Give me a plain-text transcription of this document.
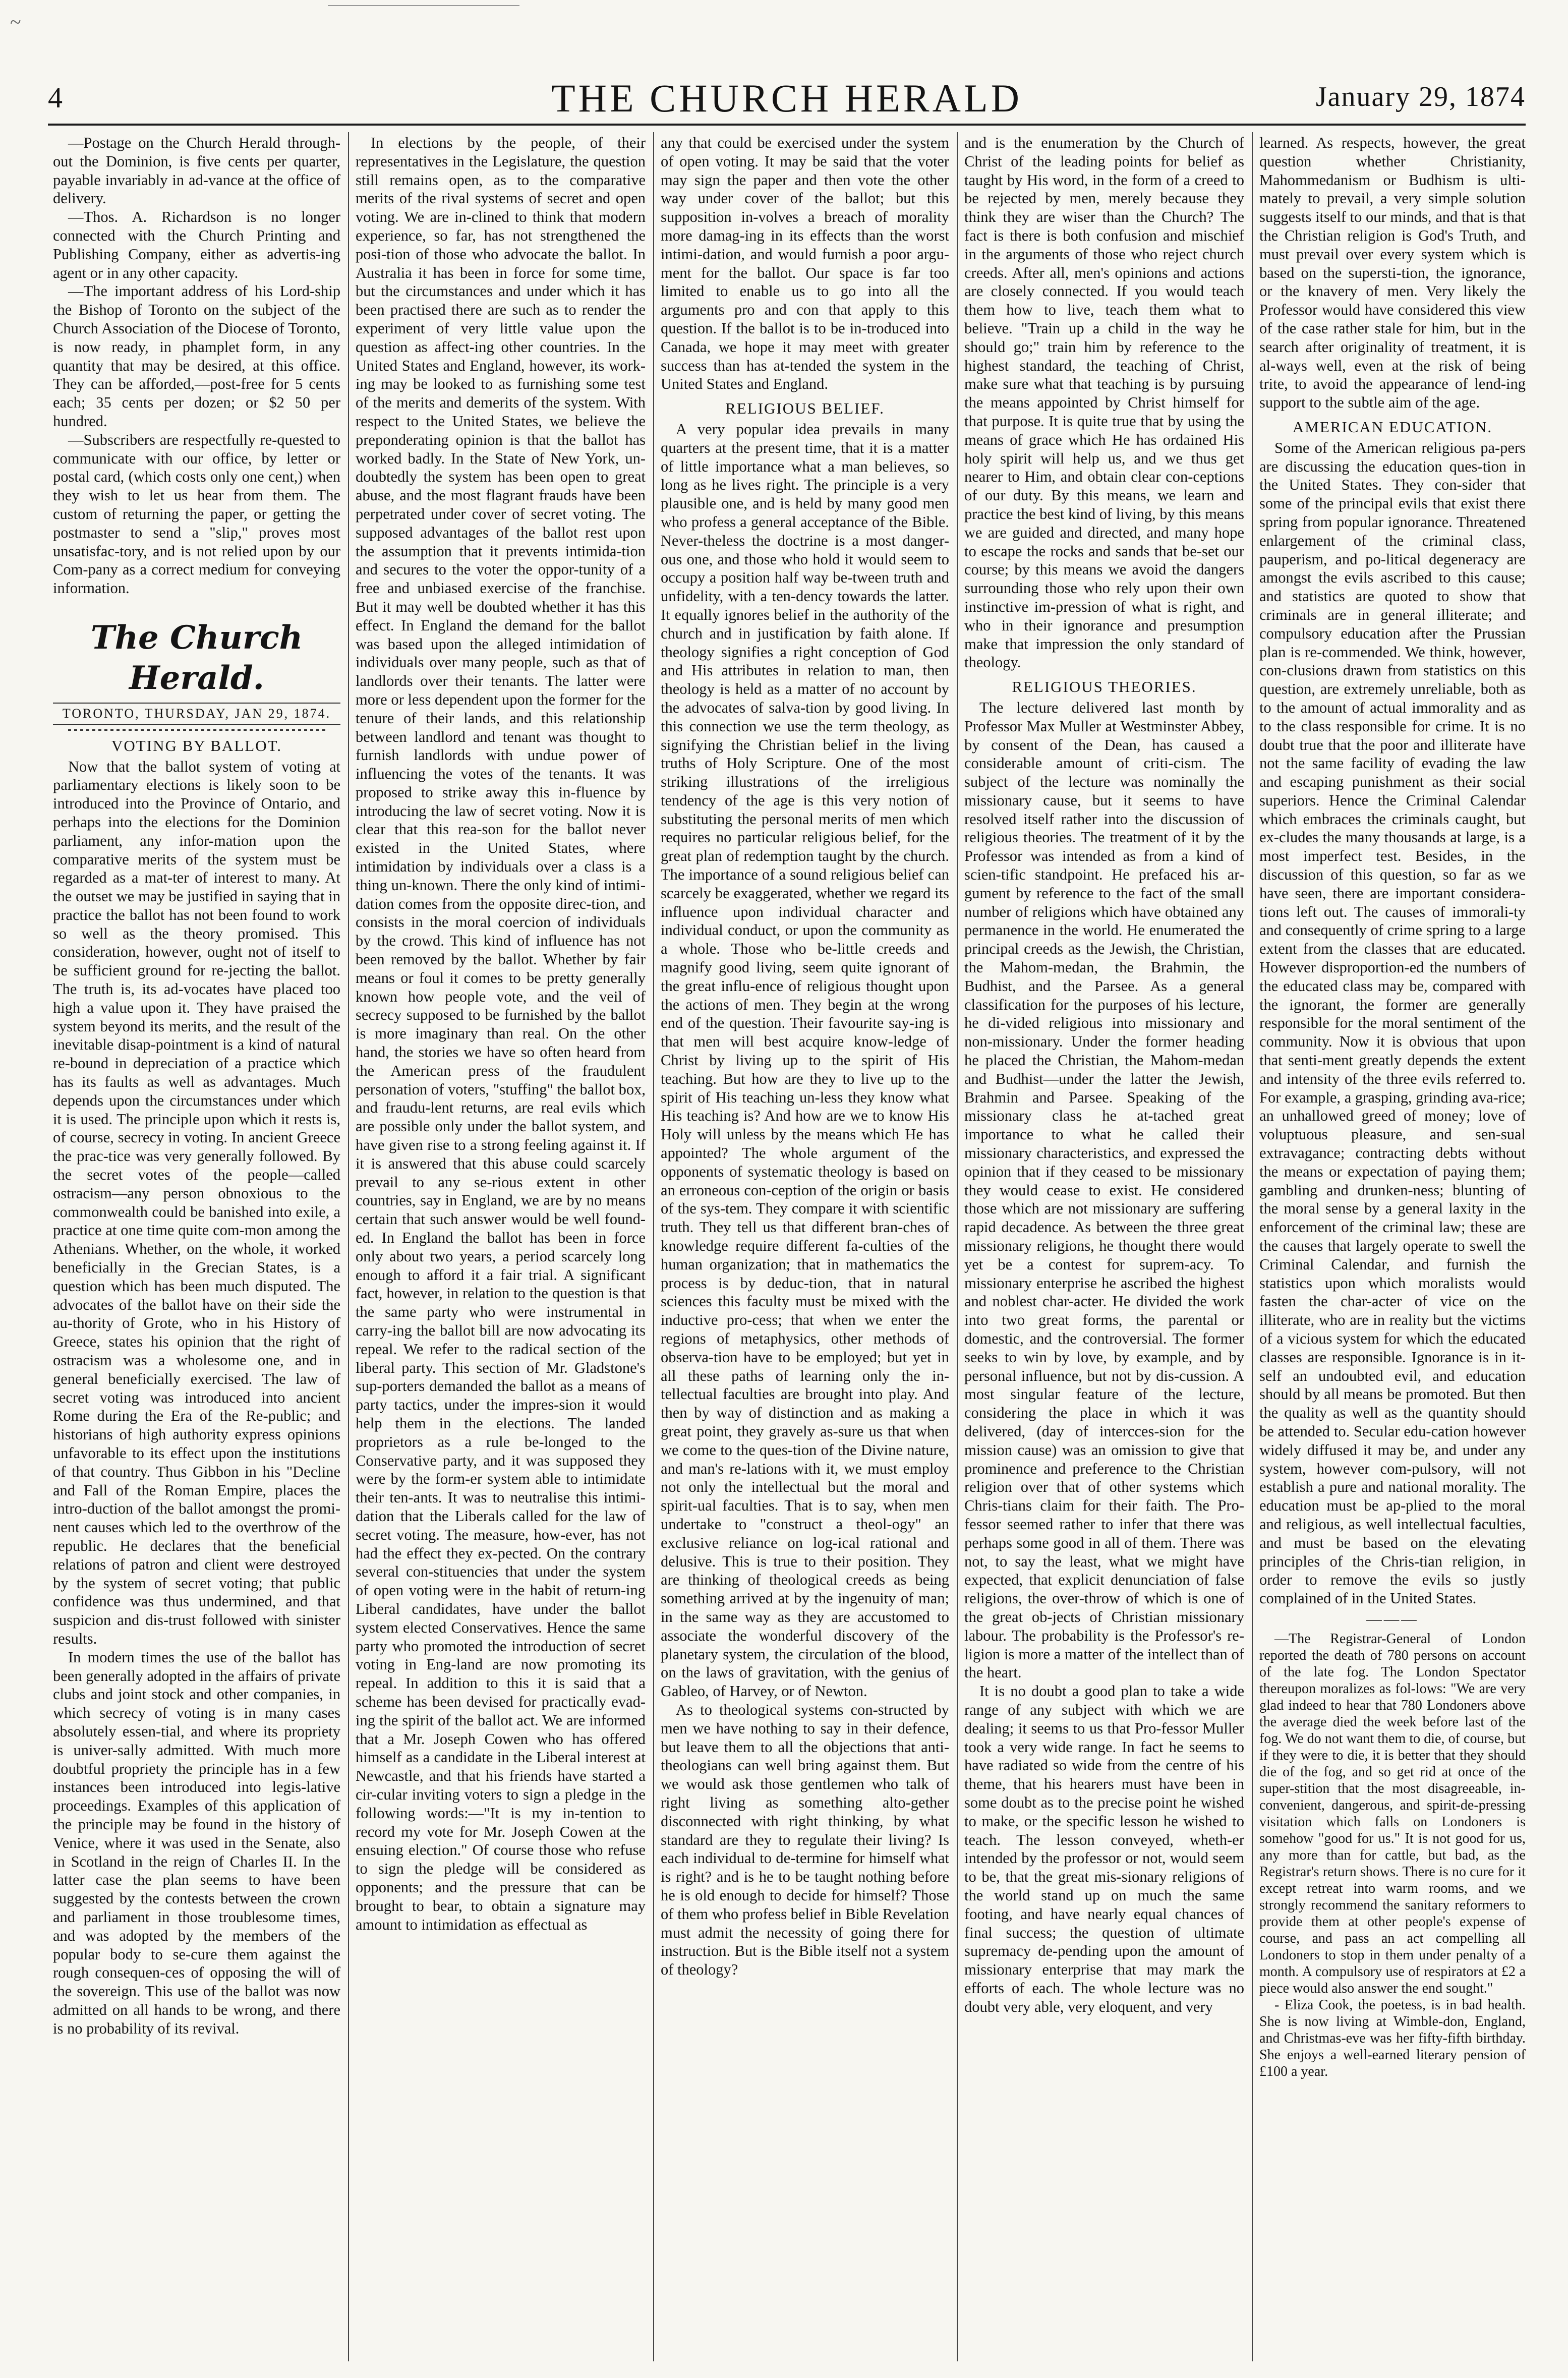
~
4	THE CHURCH HERALD	January 29, 1874

—Postage on the Church Herald through-out the Dominion, is five cents per quarter, payable invariably in ad-vance at the office of delivery.

—Thos. A. Richardson is no longer connected with the Church Printing and Publishing Company, either as advertis-ing agent or in any other capacity.

—The important address of his Lord-ship the Bishop of Toronto on the subject of the Church Association of the Diocese of Toronto, is now ready, in phamplet form, in any quantity that may be desired, at this office. They can be afforded,—post-free for 5 cents each; 35 cents per dozen; or $2 50 per hundred.

—Subscribers are respectfully re-quested to communicate with our office, by letter or postal card, (which costs only one cent,) when they wish to let us hear from them. The custom of returning the paper, or getting the postmaster to send a "slip," proves most unsatisfac-tory, and is not relied upon by our Com-pany as a correct medium for conveying information.

The Church Herald.
TORONTO, THURSDAY, JAN 29, 1874.
VOTING BY BALLOT.

Now that the ballot system of voting at parliamentary elections is likely soon to be introduced into the Province of Ontario, and perhaps into the elections for the Dominion parliament, any infor-mation upon the comparative merits of the system must be regarded as a mat-ter of interest to many. At the outset we may be justified in saying that in practice the ballot has not been found to work so well as the theory promised. This consideration, however, ought not of itself to be sufficient ground for re-jecting the ballot. The truth is, its ad-vocates have placed too high a value upon it. They have praised the system beyond its merits, and the result of the inevitable disap-pointment is a kind of natural re-bound in depreciation of a practice which has its faults as well as advantages. Much depends upon the circumstances under which it is used. The principle upon which it rests is, of course, secrecy in voting. In ancient Greece the prac-tice was very generally followed. By the secret votes of the people—called ostracism—any person obnoxious to the commonwealth could be banished into exile, a practice at one time quite com-mon among the Athenians. Whether, on the whole, it worked beneficially in the Grecian States, is a question which has been much disputed. The advocates of the ballot have on their side the au-thority of Grote, who in his History of Greece, states his opinion that the right of ostracism was a wholesome one, and in general beneficially exercised. The law of secret voting was introduced into ancient Rome during the Era of the Re-public; and historians of high authority express opinions unfavorable to its effect upon the institutions of that country. Thus Gibbon in his "Decline and Fall of the Roman Empire, places the intro-duction of the ballot amongst the promi-nent causes which led to the overthrow of the republic. He declares that the beneficial relations of patron and client were destroyed by the system of secret voting; that public confidence was thus undermined, and that suspicion and dis-trust followed with sinister results.

In modern times the use of the ballot has been generally adopted in the affairs of private clubs and joint stock and other companies, in which secrecy of voting is in many cases absolutely essen-tial, and where its propriety is univer-sally admitted. With much more doubtful propriety the principle has in a few instances been introduced into legis-lative proceedings. Examples of this application of the principle may be found in the history of Venice, where it was used in the Senate, also in Scotland in the reign of Charles II. In the latter case the plan seems to have been suggested by the contests between the crown and parliament in those troublesome times, and was adopted by the members of the popular body to se-cure them against the rough consequen-ces of opposing the will of the sovereign. This use of the ballot was now admitted on all hands to be wrong, and there is no probability of its revival.

In elections by the people, of their representatives in the Legislature, the question still remains open, as to the comparative merits of the rival systems of secret and open voting. We are in-clined to think that modern experience, so far, has not strengthened the posi-tion of those who advocate the ballot. In Australia it has been in force for some time, but the circumstances and under which it has been practised there are such as to render the experiment of very little value upon the question as affect-ing other countries. In the United States and England, however, its work-ing may be looked to as furnishing some test of the merits and demerits of the system. With respect to the United States, we believe the preponderating opinion is that the ballot has worked badly. In the State of New York, un-doubtedly the system has been open to great abuse, and the most flagrant frauds have been perpetrated under cover of secret voting. The supposed advantages of the ballot rest upon the assumption that it prevents intimida-tion and secures to the voter the oppor-tunity of a free and unbiased exercise of the franchise. But it may well be doubted whether it has this effect. In England the demand for the ballot was based upon the alleged intimidation of individuals over many people, such as that of landlords over their tenants. The latter were more or less dependent upon the former for the tenure of their lands, and this relationship between landlord and tenant was thought to furnish landlords with undue power of influencing the votes of the tenants. It was proposed to strike away this in-fluence by introducing the law of secret voting. Now it is clear that this rea-son for the ballot never existed in the United States, where intimidation by individuals over a class is a thing un-known. There the only kind of intimi-dation comes from the opposite direc-tion, and consists in the moral coercion of individuals by the crowd. This kind of influence has not been removed by the ballot. Whether by fair means or foul it comes to be pretty generally known how people vote, and the veil of secrecy supposed to be furnished by the ballot is more imaginary than real. On the other hand, the stories we have so often heard from the American press of the fraudulent personation of voters, "stuffing" the ballot box, and fraudu-lent returns, are real evils which are possible only under the ballot system, and have given rise to a strong feeling against it. If it is answered that this abuse could scarcely prevail to any se-rious extent in other countries, say in England, we are by no means certain that such answer would be well found-ed. In England the ballot has been in force only about two years, a period scarcely long enough to afford it a fair trial. A significant fact, however, in relation to the question is that the same party who were instrumental in carry-ing the ballot bill are now advocating its repeal. We refer to the radical section of the liberal party. This section of Mr. Gladstone's sup-porters demanded the ballot as a means of party tactics, under the impres-sion it would help them in the elections. The landed proprietors as a rule be-longed to the Conservative party, and it was supposed they were by the form-er system able to intimidate their ten-ants. It was to neutralise this intimi-dation that the Liberals called for the law of secret voting. The measure, how-ever, has not had the effect they ex-pected. On the contrary several con-stituencies that under the system of open voting were in the habit of return-ing Liberal candidates, have under the ballot system elected Conservatives. Hence the same party who promoted the introduction of secret voting in Eng-land are now promoting its repeal. In addition to this it is said that a scheme has been devised for practically evad-ing the spirit of the ballot act. We are informed that a Mr. Joseph Cowen who has offered himself as a candidate in the Liberal interest at Newcastle, and that his friends have started a cir-cular inviting voters to sign a pledge in the following words:—"It is my in-tention to record my vote for Mr. Joseph Cowen at the ensuing election." Of course those who refuse to sign the pledge will be considered as opponents; and the pressure that can be brought to bear, to obtain a signature may amount to intimidation as effectual as

any that could be exercised under the system of open voting. It may be said that the voter may sign the paper and then vote the other way under cover of the ballot; but this supposition in-volves a breach of morality more damag-ing in its effects than the worst intimi-dation, and would furnish a poor argu-ment for the ballot. Our space is far too limited to enable us to go into all the arguments pro and con that apply to this question. If the ballot is to be in-troduced into Canada, we hope it may meet with greater success than has at-tended the system in the United States and England.

RELIGIOUS BELIEF.

A very popular idea prevails in many quarters at the present time, that it is a matter of little importance what a man believes, so long as he lives right. The principle is a very plausible one, and is held by many good men who profess a general acceptance of the Bible. Never-theless the doctrine is a most danger-ous one, and those who hold it would seem to occupy a position half way be-tween truth and unfidelity, with a ten-dency towards the latter. It equally ignores belief in the authority of the church and in justification by faith alone. If theology signifies a right conception of God and His attributes in relation to man, then theology is held as a matter of no account by the advocates of salva-tion by good living. In this connection we use the term theology, as signifying the Christian belief in the living truths of Holy Scripture. One of the most striking illustrations of the irreligious tendency of the age is this very notion of substituting the personal merits of men which requires no particular religious belief, for the great plan of redemption taught by the church. The importance of a sound religious belief can scarcely be exaggerated, whether we regard its influence upon individual character and individual conduct, or upon the community as a whole. Those who be-little creeds and magnify good living, seem quite ignorant of the great influ-ence of religious thought upon the actions of men. They begin at the wrong end of the question. Their favourite say-ing is that men will best acquire know-ledge of Christ by living up to the spirit of His teaching. But how are they to live up to the spirit of His teaching un-less they know what His teaching is? And how are we to know His Holy will unless by the means which He has appointed? The whole argument of the opponents of systematic theology is based on an erroneous con-ception of the origin or basis of the sys-tem. They compare it with scientific truth. They tell us that different bran-ches of knowledge require different fa-culties of the human organization; that in mathematics the process is by deduc-tion, that in natural sciences this faculty must be mixed with the inductive pro-cess; that when we enter the regions of metaphysics, other methods of observa-tion have to be employed; but yet in all these paths of learning only the in-tellectual faculties are brought into play. And then by way of distinction and as making a great point, they gravely as-sure us that when we come to the ques-tion of the Divine nature, and man's re-lations with it, we must employ not only the intellectual but the moral and spirit-ual faculties. That is to say, when men undertake to "construct a theol-ogy" an exclusive reliance on log-ical rational and delusive. This is true to their position. They are thinking of theological creeds as being something arrived at by the ingenuity of man; in the same way as they are accustomed to associate the wonderful discovery of the planetary system, the circulation of the blood, on the laws of gravitation, with the genius of Gableo, of Harvey, or of Newton.

As to theological systems con-structed by men we have nothing to say in their defence, but leave them to all the objections that anti-theologians can well bring against them. But we would ask those gentlemen who talk of right living as something alto-gether disconnected with right thinking, by what standard are they to regulate their living? Is each individual to de-termine for himself what is right? and is he to be taught nothing before he is old enough to decide for himself? Those of them who profess belief in Bible Revelation must admit the necessity of going there for instruction. But is the Bible itself not a system of theology?

and is the enumeration by the Church of Christ of the leading points for belief as taught by His word, in the form of a creed to be rejected by men, merely because they think they are wiser than the Church? The fact is there is both confusion and mischief in the arguments of those who reject church creeds. After all, men's opinions and actions are closely connected. If you would teach them how to live, teach them what to believe. "Train up a child in the way he should go;" train him by reference to the highest standard, the teaching of Christ, make sure what that teaching is by pursuing the means appointed by Christ himself for that purpose. It is quite true that by using the means of grace which He has ordained His holy spirit will help us, and we thus get nearer to Him, and obtain clear con-ceptions of our duty. By this means, we learn and practice the best kind of living, by this means we are guided and directed, and many hope to escape the rocks and sands that be-set our course; by this means we avoid the dangers surrounding those who rely upon their own instinctive im-pression of what is right, and who in their ignorance and presumption make that impression the only standard of theology.

RELIGIOUS THEORIES.

The lecture delivered last month by Professor Max Muller at Westminster Abbey, by consent of the Dean, has caused a considerable amount of criti-cism. The subject of the lecture was nominally the missionary cause, but it seems to have resolved itself rather into the discussion of religious theories. The treatment of it by the Professor was intended as from a kind of scien-tific standpoint. He prefaced his ar-gument by reference to the fact of the small number of religions which have obtained any permanence in the world. He enumerated the principal creeds as the Jewish, the Christian, the Mahom-medan, the Brahmin, the Budhist, and the Parsee. As a general classification for the purposes of his lecture, he di-vided religious into missionary and non-missionary. Under the former heading he placed the Christian, the Mahom-medan and Budhist—under the latter the Jewish, Brahmin and Parsee. Speaking of the missionary class he at-tached great importance to what he called their missionary characteristics, and expressed the opinion that if they ceased to be missionary they would cease to exist. He considered those which are not missionary are suffering rapid decadence. As between the three great missionary religions, he thought there would yet be a contest for suprem-acy. To missionary enterprise he ascribed the highest and noblest char-acter. He divided the work into two great forms, the parental or domestic, and the controversial. The former seeks to win by love, by example, and by personal influence, but not by dis-cussion. A most singular feature of the lecture, considering the place in which it was delivered, (day of intercces-sion for the mission cause) was an omission to give that prominence and preference to the Christian religion over that of other systems which Chris-tians claim for their faith. The Pro-fessor seemed rather to infer that there was perhaps some good in all of them. There was not, to say the least, what we might have expected, that explicit denunciation of false religions, the over-throw of which is one of the great ob-jects of Christian missionary labour. The probability is the Professor's re-ligion is more a matter of the intellect than of the heart.

It is no doubt a good plan to take a wide range of any subject with which we are dealing; it seems to us that Pro-fessor Muller took a very wide range. In fact he seems to have radiated so wide from the centre of his theme, that his hearers must have been in some doubt as to the precise point he wished to make, or the specific lesson he wished to teach. The lesson conveyed, wheth-er intended by the professor or not, would seem to be, that the great mis-sionary religions of the world stand up on much the same footing, and have nearly equal chances of final success; the question of ultimate supremacy de-pending upon the amount of missionary enterprise that may mark the efforts of each. The whole lecture was no doubt very able, very eloquent, and very

learned. As respects, however, the great question whether Christianity, Mahommedanism or Budhism is ulti-mately to prevail, a very simple solution suggests itself to our minds, and that is that the Christian religion is God's Truth, and must prevail over every system which is based on the supersti-tion, the ignorance, or the knavery of men. Very likely the Professor would have considered this view of the case rather stale for him, but in the search after originality of treatment, it is al-ways well, even at the risk of being trite, to avoid the appearance of lend-ing support to the subtle aim of the age.

AMERICAN EDUCATION.

Some of the American religious pa-pers are discussing the education ques-tion in the United States. They con-sider that some of the principal evils that exist there spring from popular ignorance. Threatened enlargement of the criminal class, pauperism, and po-litical degeneracy are amongst the evils ascribed to this cause; and statistics are quoted to show that criminals are in general illiterate; and compulsory education after the Prussian plan is re-commended. We think, however, con-clusions drawn from statistics on this question, are extremely unreliable, both as to the amount of actual immorality and as to the class responsible for crime. It is no doubt true that the poor and illiterate have not the same facility of evading the law and escaping punishment as their social superiors. Hence the Criminal Calendar which embraces the criminals caught, but ex-cludes the many thousands at large, is a most imperfect test. Besides, in the discussion of this question, so far as we have seen, there are important considera-tions left out. The causes of immorali-ty and consequently of crime spring to a large extent from the classes that are educated. However disproportion-ed the numbers of the educated class may be, compared with the ignorant, the former are generally responsible for the moral sentiment of the community. Now it is obvious that upon that senti-ment greatly depends the extent and intensity of the three evils referred to. For example, a grasping, grinding ava-rice; an unhallowed greed of money; love of voluptuous pleasure, and sen-sual extravagance; contracting debts without the means or expectation of paying them; gambling and drunken-ness; blunting of the moral sense by a general laxity in the enforcement of the criminal law; these are the causes that largely operate to swell the Criminal Calendar, and furnish the statistics upon which moralists would fasten the char-acter of vice on the illiterate, who are in reality but the victims of a vicious system for which the educated classes are responsible. Ignorance is in it-self an undoubted evil, and education should by all means be promoted. But then the quality as well as the quantity should be attended to. Secular edu-cation however widely diffused it may be, and under any system, however com-pulsory, will not establish a pure and national morality. The education must be ap-plied to the moral and religious, as well intellectual faculties, and must be based on the elevating principles of the Chris-tian religion, in order to remove the evils so justly complained of in the United States.

———

—The Registrar-General of London reported the death of 780 persons on account of the late fog. The London Spectator thereupon moralizes as fol-lows: "We are very glad indeed to hear that 780 Londoners above the average died the week before last of the fog. We do not want them to die, of course, but if they were to die, it is better that they should die of the fog, and so get rid at once of the super-stition that the most disagreeable, in-convenient, dangerous, and spirit-de-pressing visitation which falls on Londoners is somehow "good for us." It is not good for us, any more than for cattle, but bad, as the Registrar's return shows. There is no cure for it except retreat into warm rooms, and we strongly recommend the sanitary reformers to provide them at other people's expense of course, and pass an act compelling all Londoners to stop in them under penalty of a month. A compulsory use of respirators at £2 a piece would also answer the end sought."

- Eliza Cook, the poetess, is in bad health. She is now living at Wimble-don, England, and Christmas-eve was her fifty-fifth birthday. She enjoys a well-earned literary pension of £100 a year.
